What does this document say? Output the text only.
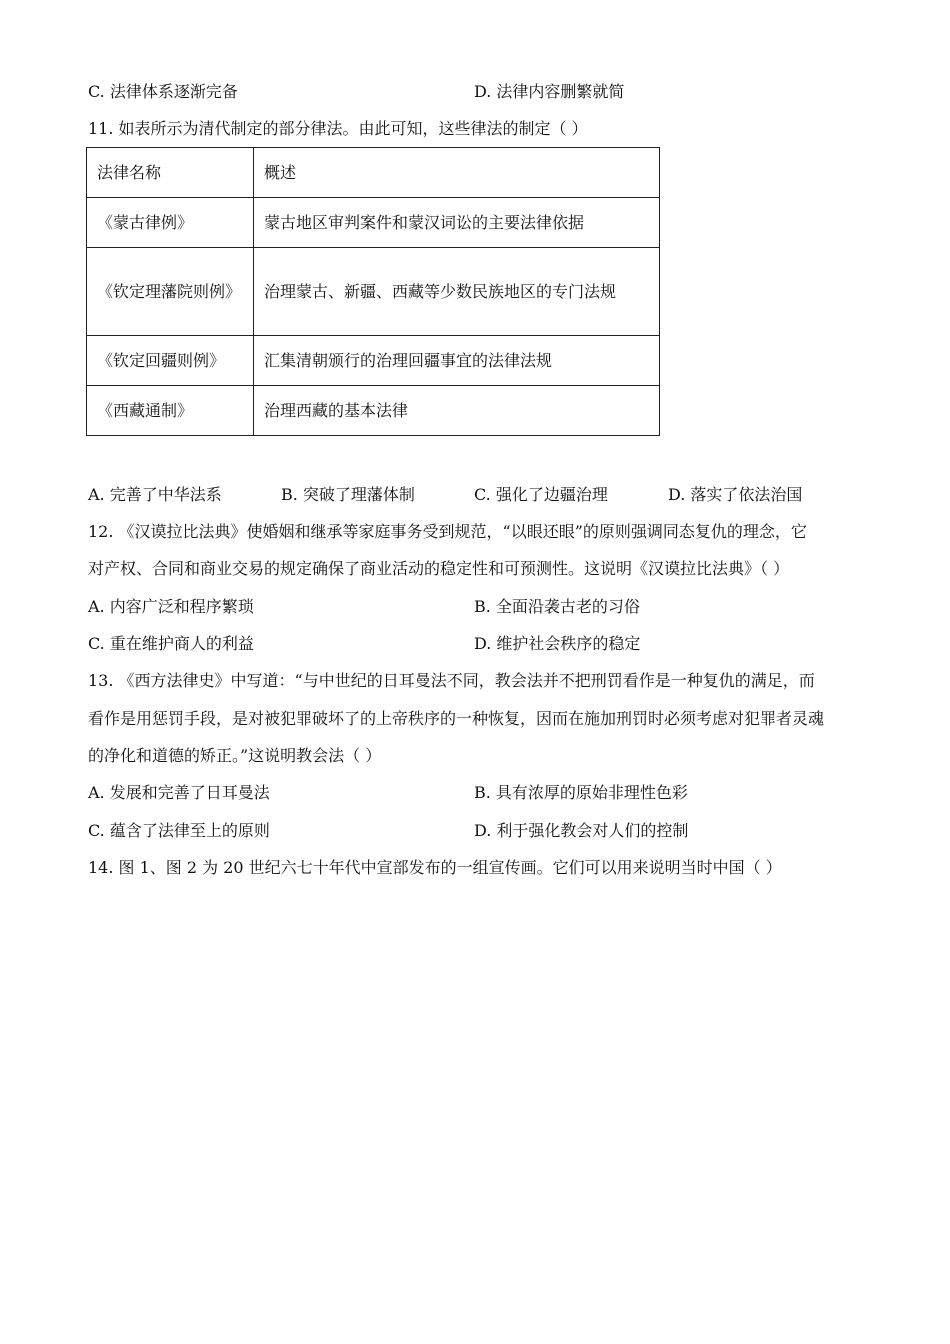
C. 法律体系逐渐完备	D. 法律内容删繁就简
11. 如表所示为清代制定的部分律法。由此可知，这些律法的制定（ ）
法律名称	概述
《蒙古律例》	蒙古地区审判案件和蒙汉词讼的主要法律依据
《钦定理藩院则例》	治理蒙古、新疆、西藏等少数民族地区的专门法规
《钦定回疆则例》	汇集清朝颁行的治理回疆事宜的法律法规
《西藏通制》	治理西藏的基本法律
A. 完善了中华法系	B. 突破了理藩体制	C. 强化了边疆治理	D. 落实了依法治国
12. 《汉谟拉比法典》使婚姻和继承等家庭事务受到规范，“以眼还眼”的原则强调同态复仇的理念，它
对产权、合同和商业交易的规定确保了商业活动的稳定性和可预测性。这说明《汉谟拉比法典》（ ）
A. 内容广泛和程序繁琐	B. 全面沿袭古老的习俗
C. 重在维护商人的利益	D. 维护社会秩序的稳定
13. 《西方法律史》中写道：“与中世纪的日耳曼法不同，教会法并不把刑罚看作是一种复仇的满足，而
看作是用惩罚手段，是对被犯罪破坏了的上帝秩序的一种恢复，因而在施加刑罚时必须考虑对犯罪者灵魂
的净化和道德的矫正。”这说明教会法（ ）
A. 发展和完善了日耳曼法	B. 具有浓厚的原始非理性色彩
C. 蕴含了法律至上的原则	D. 利于强化教会对人们的控制
14. 图 1、图 2 为 20 世纪六七十年代中宣部发布的一组宣传画。它们可以用来说明当时中国（ ）
